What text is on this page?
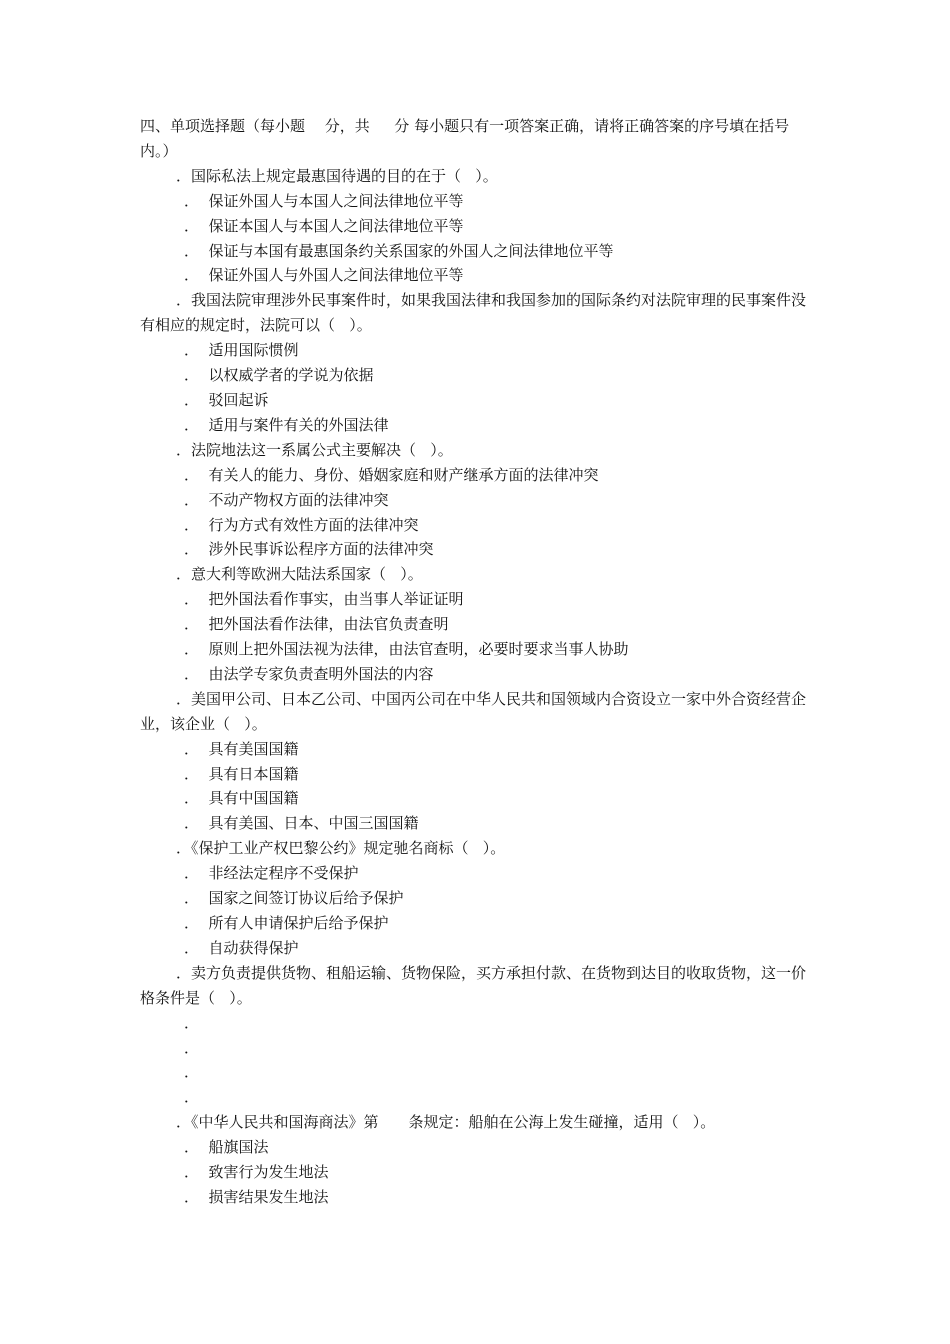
四、单项选择题（每小题　 分，共　  分 每小题只有一项答案正确，请将正确答案的序号填在括号内。）

．国际私法上规定最惠国待遇的目的在于（   ）。

．  保证外国人与本国人之间法律地位平等

．  保证本国人与本国人之间法律地位平等

．  保证与本国有最惠国条约关系国家的外国人之间法律地位平等

．  保证外国人与外国人之间法律地位平等

．我国法院审理涉外民事案件时，如果我国法律和我国参加的国际条约对法院审理的民事案件没有相应的规定时，法院可以（   ）。

．  适用国际惯例

．  以权威学者的学说为依据

．  驳回起诉

．  适用与案件有关的外国法律

．法院地法这一系属公式主要解决（   ）。

．  有关人的能力、身份、婚姻家庭和财产继承方面的法律冲突

．  不动产物权方面的法律冲突

．  行为方式有效性方面的法律冲突

．  涉外民事诉讼程序方面的法律冲突

．意大利等欧洲大陆法系国家（   ）。

．  把外国法看作事实，由当事人举证证明

．  把外国法看作法律，由法官负责查明

．  原则上把外国法视为法律，由法官查明，必要时要求当事人协助

．  由法学专家负责查明外国法的内容

．美国甲公司、日本乙公司、中国丙公司在中华人民共和国领域内合资设立一家中外合资经营企业，该企业（   ）。

．  具有美国国籍

．  具有日本国籍

．  具有中国国籍

．  具有美国、日本、中国三国国籍

．《保护工业产权巴黎公约》规定驰名商标（   ）。

．  非经法定程序不受保护

．  国家之间签订协议后给予保护

．  所有人申请保护后给予保护

．  自动获得保护

．卖方负责提供货物、租船运输、货物保险，买方承担付款、在货物到达目的收取货物，这一价格条件是（   ）。

．

．

．

．

．《中华人民共和国海商法》第　　条规定：船舶在公海上发生碰撞，适用（   ）。

．  船旗国法

．  致害行为发生地法

．  损害结果发生地法
